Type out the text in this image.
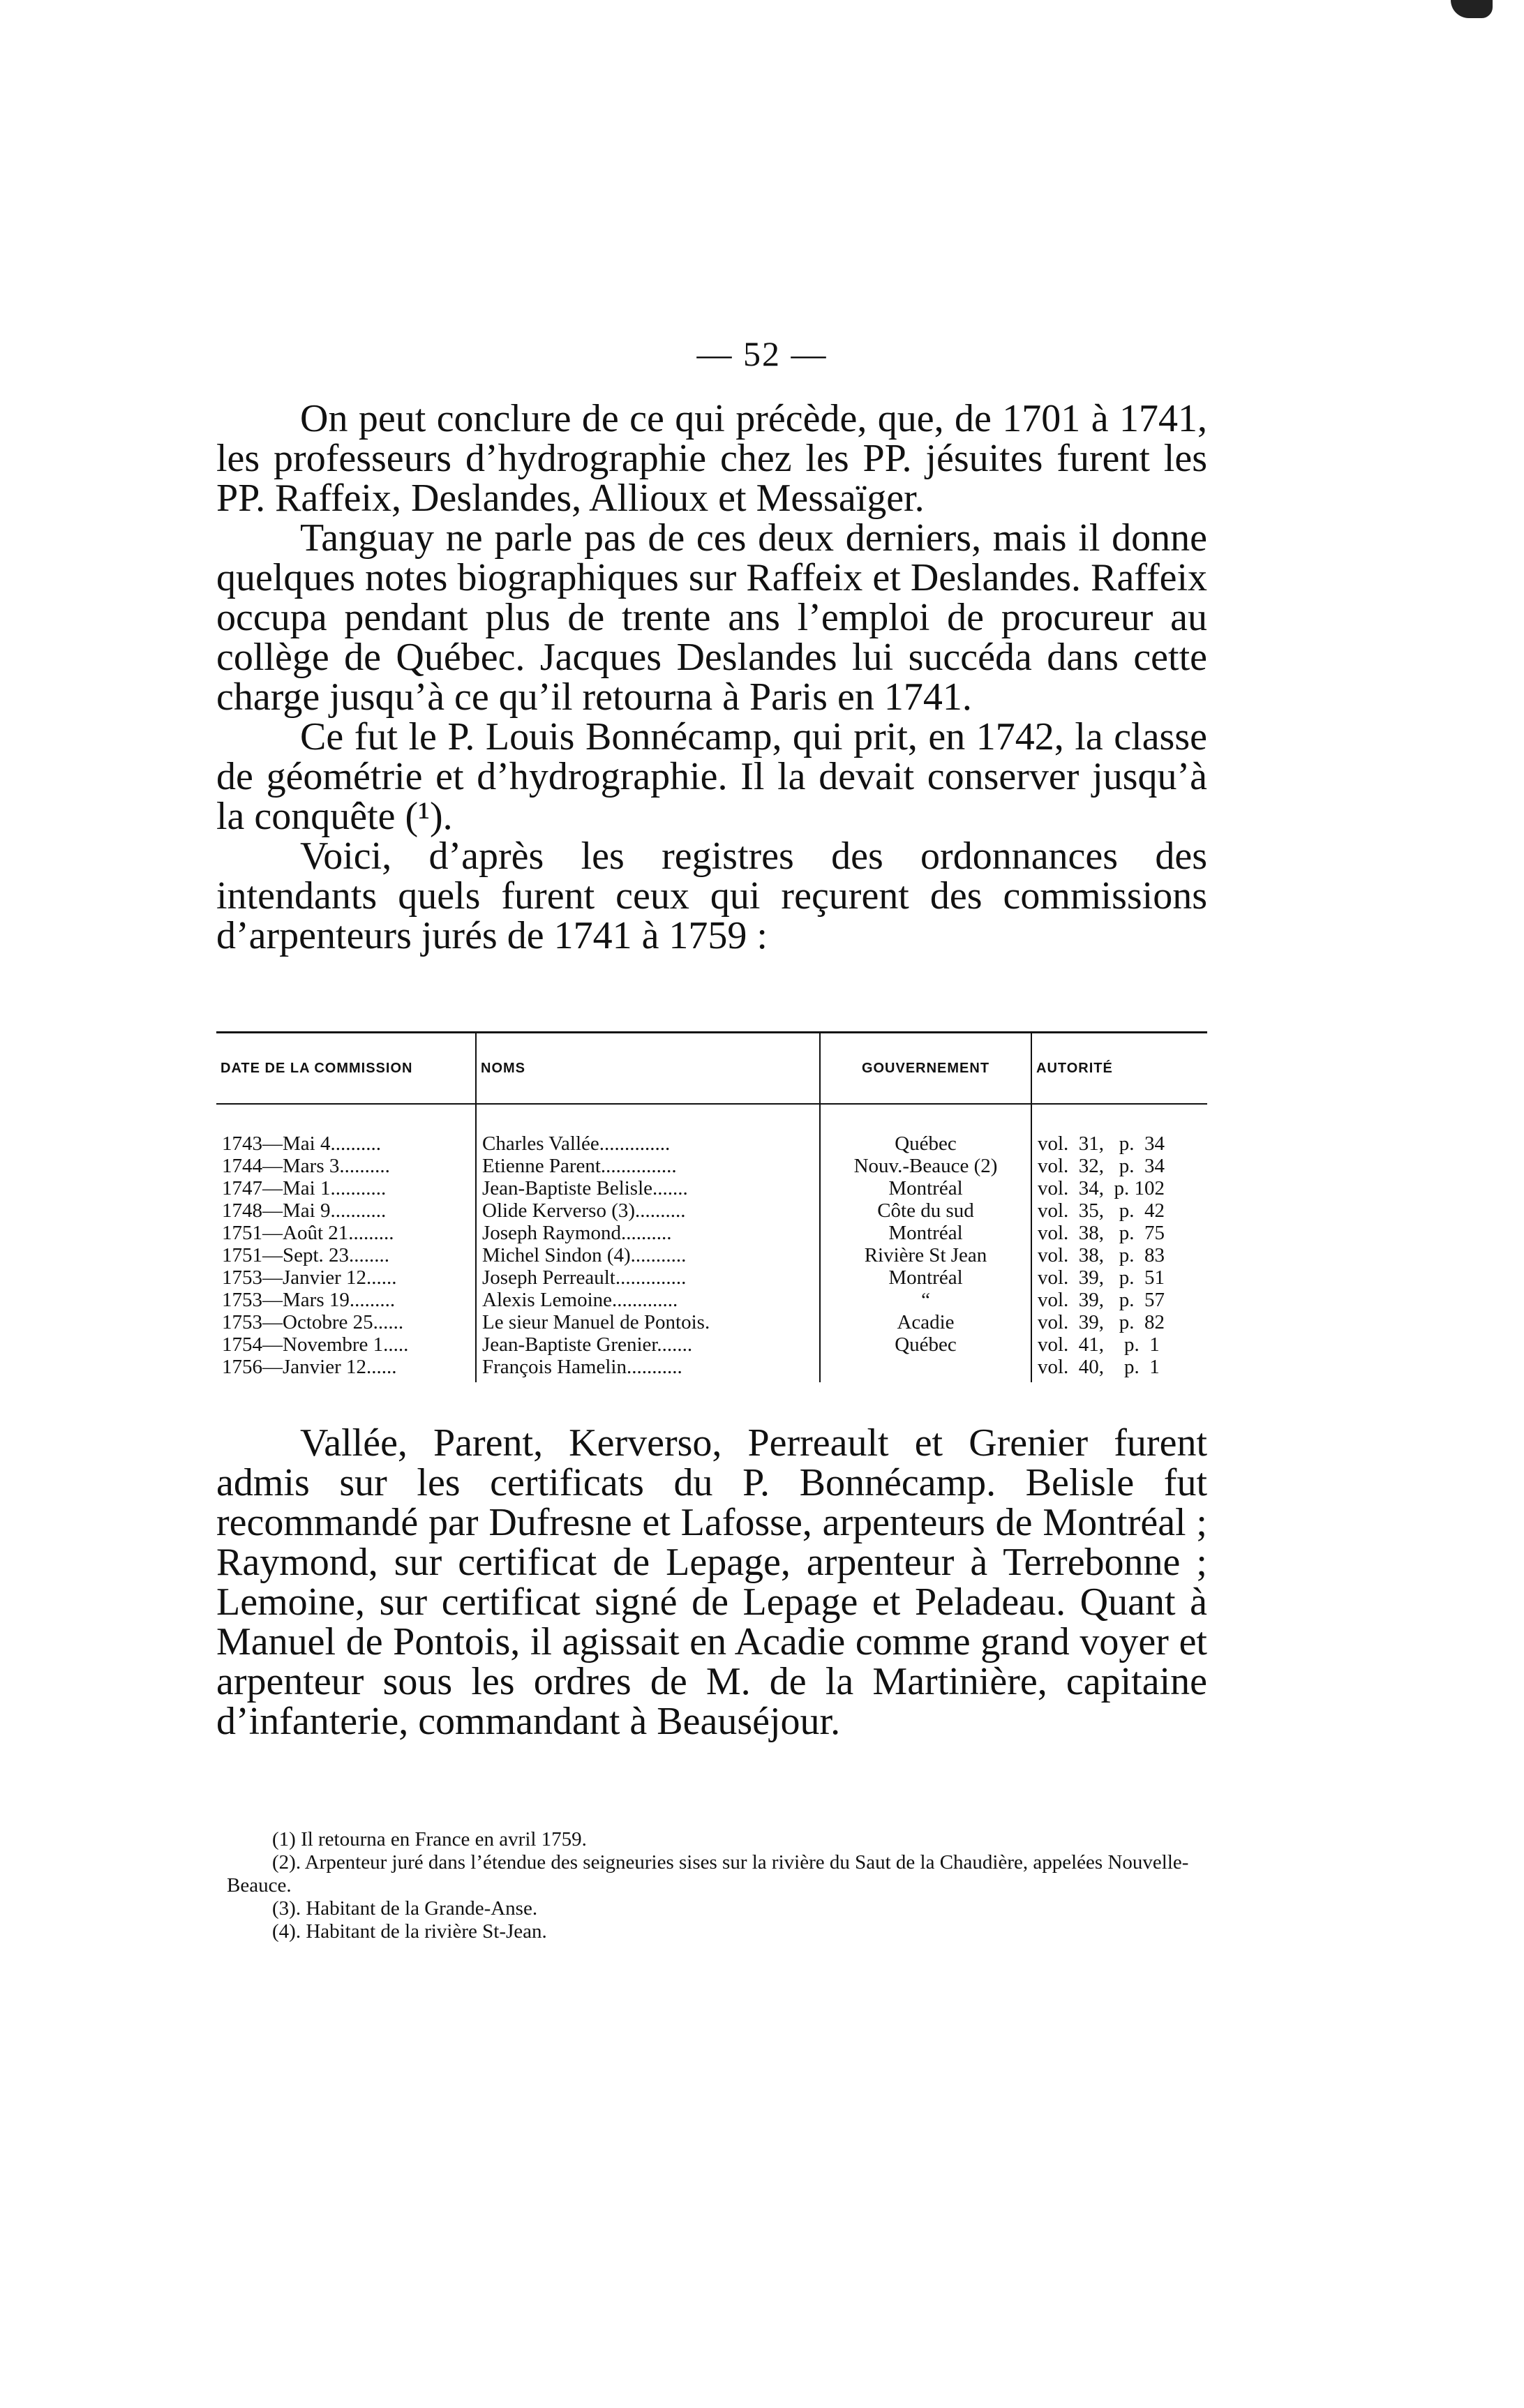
— 52 —

On peut conclure de ce qui précède, que, de 1701 à 1741, les professeurs d’hydrographie chez les PP. jésuites furent les PP. Raffeix, Deslandes, Allioux et Messaïger.

Tanguay ne parle pas de ces deux derniers, mais il donne quelques notes biographiques sur Raffeix et Deslandes. Raffeix occupa pendant plus de trente ans l’emploi de procureur au collège de Québec. Jacques Deslandes lui succéda dans cette charge jusqu’à ce qu’il retourna à Paris en 1741.

Ce fut le P. Louis Bonnécamp, qui prit, en 1742, la classe de géométrie et d’hydrographie. Il la devait conserver jusqu’à la conquête (¹).

Voici, d’après les registres des ordonnances des intendants quels furent ceux qui reçurent des commissions d’arpenteurs jurés de 1741 à 1759 :

DATE DE LA COMMISSION	NOMS	GOUVERNEMENT	AUTORITÉ
1743—Mai 4..........	Charles Vallée..............	Québec	vol.  31,   p.  34
1744—Mars 3..........	Etienne Parent...............	Nouv.-Beauce (2)	vol.  32,   p.  34
1747—Mai 1...........	Jean-Baptiste Belisle.......	Montréal	vol.  34,  p. 102
1748—Mai 9...........	Olide Kerverso (3)..........	Côte du sud	vol.  35,   p.  42
1751—Août 21.........	Joseph Raymond..........	Montréal	vol.  38,   p.  75
1751—Sept. 23........	Michel Sindon (4)...........	Rivière St Jean	vol.  38,   p.  83
1753—Janvier 12......	Joseph Perreault..............	Montréal	vol.  39,   p.  51
1753—Mars 19.........	Alexis Lemoine.............	“	vol.  39,   p.  57
1753—Octobre 25......	Le sieur Manuel de Pontois.	Acadie	vol.  39,   p.  82
1754—Novembre 1.....	Jean-Baptiste Grenier.......	Québec	vol.  41,    p.  1
1756—Janvier 12......	François Hamelin...........		vol.  40,    p.  1

Vallée, Parent, Kerverso, Perreault et Grenier furent admis sur les certificats du P. Bonnécamp. Belisle fut recommandé par Dufresne et Lafosse, arpenteurs de Montréal ; Raymond, sur certificat de Lepage, arpenteur à Terrebonne ; Lemoine, sur certificat signé de Lepage et Peladeau. Quant à Manuel de Pontois, il agissait en Acadie comme grand voyer et arpenteur sous les ordres de M. de la Martinière, capitaine d’infanterie, commandant à Beauséjour.

(1) Il retourna en France en avril 1759.

(2). Arpenteur juré dans l’étendue des seigneuries sises sur la rivière du Saut de la Chaudière, appelées Nouvelle-Beauce.

(3). Habitant de la Grande-Anse.

(4). Habitant de la rivière St-Jean.
